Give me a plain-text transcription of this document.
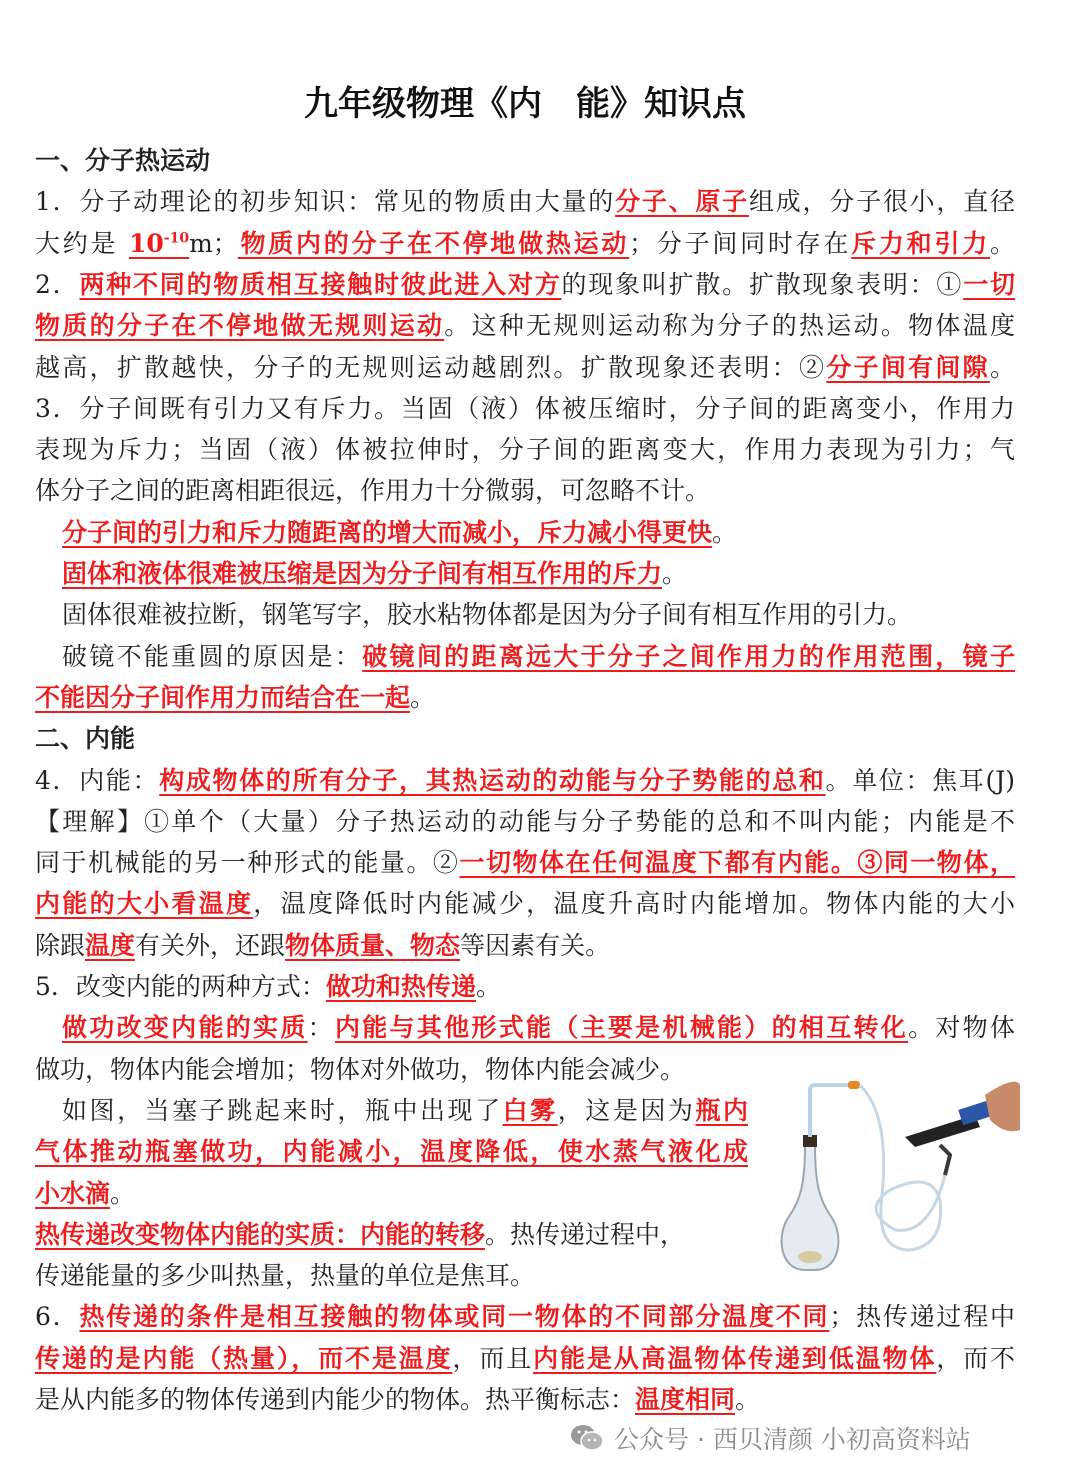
九年级物理《内　能》知识点
一、分子热运动
1．分子动理论的初步知识：常见的物质由大量的分子、原子组成，分子很小，直径
大约是 $10^{-10}m$；物质内的分子在不停地做热运动；分子间同时存在斥力和引力。
2．两种不同的物质相互接触时彼此进入对方的现象叫扩散。扩散现象表明：①一切
物质的分子在不停地做无规则运动。这种无规则运动称为分子的热运动。物体温度
越高，扩散越快，分子的无规则运动越剧烈。扩散现象还表明：②分子间有间隙。
3．分子间既有引力又有斥力。当固（液）体被压缩时，分子间的距离变小，作用力
表现为斥力；当固（液）体被拉伸时，分子间的距离变大，作用力表现为引力；气
体分子之间的距离相距很远，作用力十分微弱，可忽略不计。
分子间的引力和斥力随距离的增大而减小，斥力减小得更快。
固体和液体很难被压缩是因为分子间有相互作用的斥力。
固体很难被拉断，钢笔写字，胶水粘物体都是因为分子间有相互作用的引力。
破镜不能重圆的原因是：破镜间的距离远大于分子之间作用力的作用范围，镜子
不能因分子间作用力而结合在一起。
二、内能
4．内能：构成物体的所有分子，其热运动的动能与分子势能的总和。单位：焦耳(J)
【理解】①单个（大量）分子热运动的动能与分子势能的总和不叫内能；内能是不
同于机械能的另一种形式的能量。②一切物体在任何温度下都有内能。③同一物体，
内能的大小看温度，温度降低时内能减少，温度升高时内能增加。物体内能的大小
除跟温度有关外，还跟物体质量、物态等因素有关。
5．改变内能的两种方式：做功和热传递。
做功改变内能的实质：内能与其他形式能（主要是机械能）的相互转化。对物体
做功，物体内能会增加；物体对外做功，物体内能会减少。
如图，当塞子跳起来时，瓶中出现了白雾，这是因为瓶内
气体推动瓶塞做功，内能减小，温度降低，使水蒸气液化成
小水滴。
热传递改变物体内能的实质：内能的转移。热传递过程中，
传递能量的多少叫热量，热量的单位是焦耳。
6．热传递的条件是相互接触的物体或同一物体的不同部分温度不同；热传递过程中
传递的是内能（热量），而不是温度，而且内能是从高温物体传递到低温物体，而不
是从内能多的物体传递到内能少的物体。热平衡标志：温度相同。
公众号 · 西贝清颜 小初高资料站
